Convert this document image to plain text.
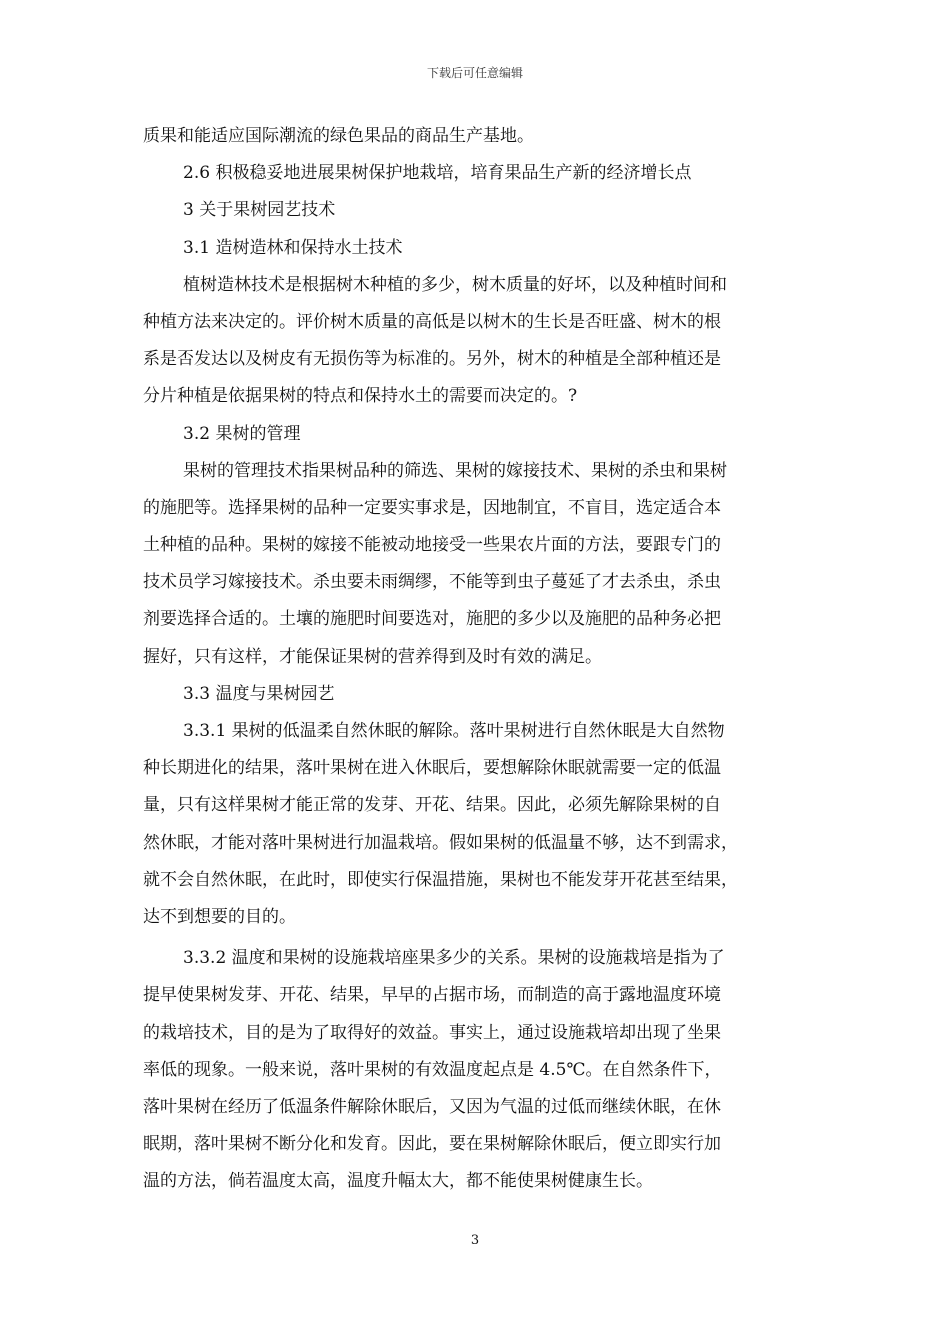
下载后可任意编辑
质果和能适应国际潮流的绿色果品的商品生产基地。
2.6 积极稳妥地进展果树保护地栽培，培育果品生产新的经济增长点
3 关于果树园艺技术
3.1 造树造林和保持水土技术
植树造林技术是根据树木种植的多少，树木质量的好坏，以及种植时间和
种植方法来决定的。评价树木质量的高低是以树木的生长是否旺盛、树木的根
系是否发达以及树皮有无损伤等为标准的。另外，树木的种植是全部种植还是
分片种植是依据果树的特点和保持水土的需要而决定的。?
3.2 果树的管理
果树的管理技术指果树品种的筛选、果树的嫁接技术、果树的杀虫和果树
的施肥等。选择果树的品种一定要实事求是，因地制宜，不盲目，选定适合本
土种植的品种。果树的嫁接不能被动地接受一些果农片面的方法，要跟专门的
技术员学习嫁接技术。杀虫要未雨绸缪，不能等到虫子蔓延了才去杀虫，杀虫
剂要选择合适的。土壤的施肥时间要选对，施肥的多少以及施肥的品种务必把
握好，只有这样，才能保证果树的营养得到及时有效的满足。
3.3 温度与果树园艺
3.3.1 果树的低温柔自然休眠的解除。落叶果树进行自然休眠是大自然物
种长期进化的结果，落叶果树在进入休眠后，要想解除休眠就需要一定的低温
量，只有这样果树才能正常的发芽、开花、结果。因此，必须先解除果树的自
然休眠，才能对落叶果树进行加温栽培。假如果树的低温量不够，达不到需求，
就不会自然休眠，在此时，即使实行保温措施，果树也不能发芽开花甚至结果，
达不到想要的目的。
3.3.2 温度和果树的设施栽培座果多少的关系。果树的设施栽培是指为了
提早使果树发芽、开花、结果，早早的占据市场，而制造的高于露地温度环境
的栽培技术，目的是为了取得好的效益。事实上，通过设施栽培却出现了坐果
率低的现象。一般来说，落叶果树的有效温度起点是 4.5℃。在自然条件下，
落叶果树在经历了低温条件解除休眠后，又因为气温的过低而继续休眠，在休
眠期，落叶果树不断分化和发育。因此，要在果树解除休眠后，便立即实行加
温的方法，倘若温度太高，温度升幅太大，都不能使果树健康生长。
3
